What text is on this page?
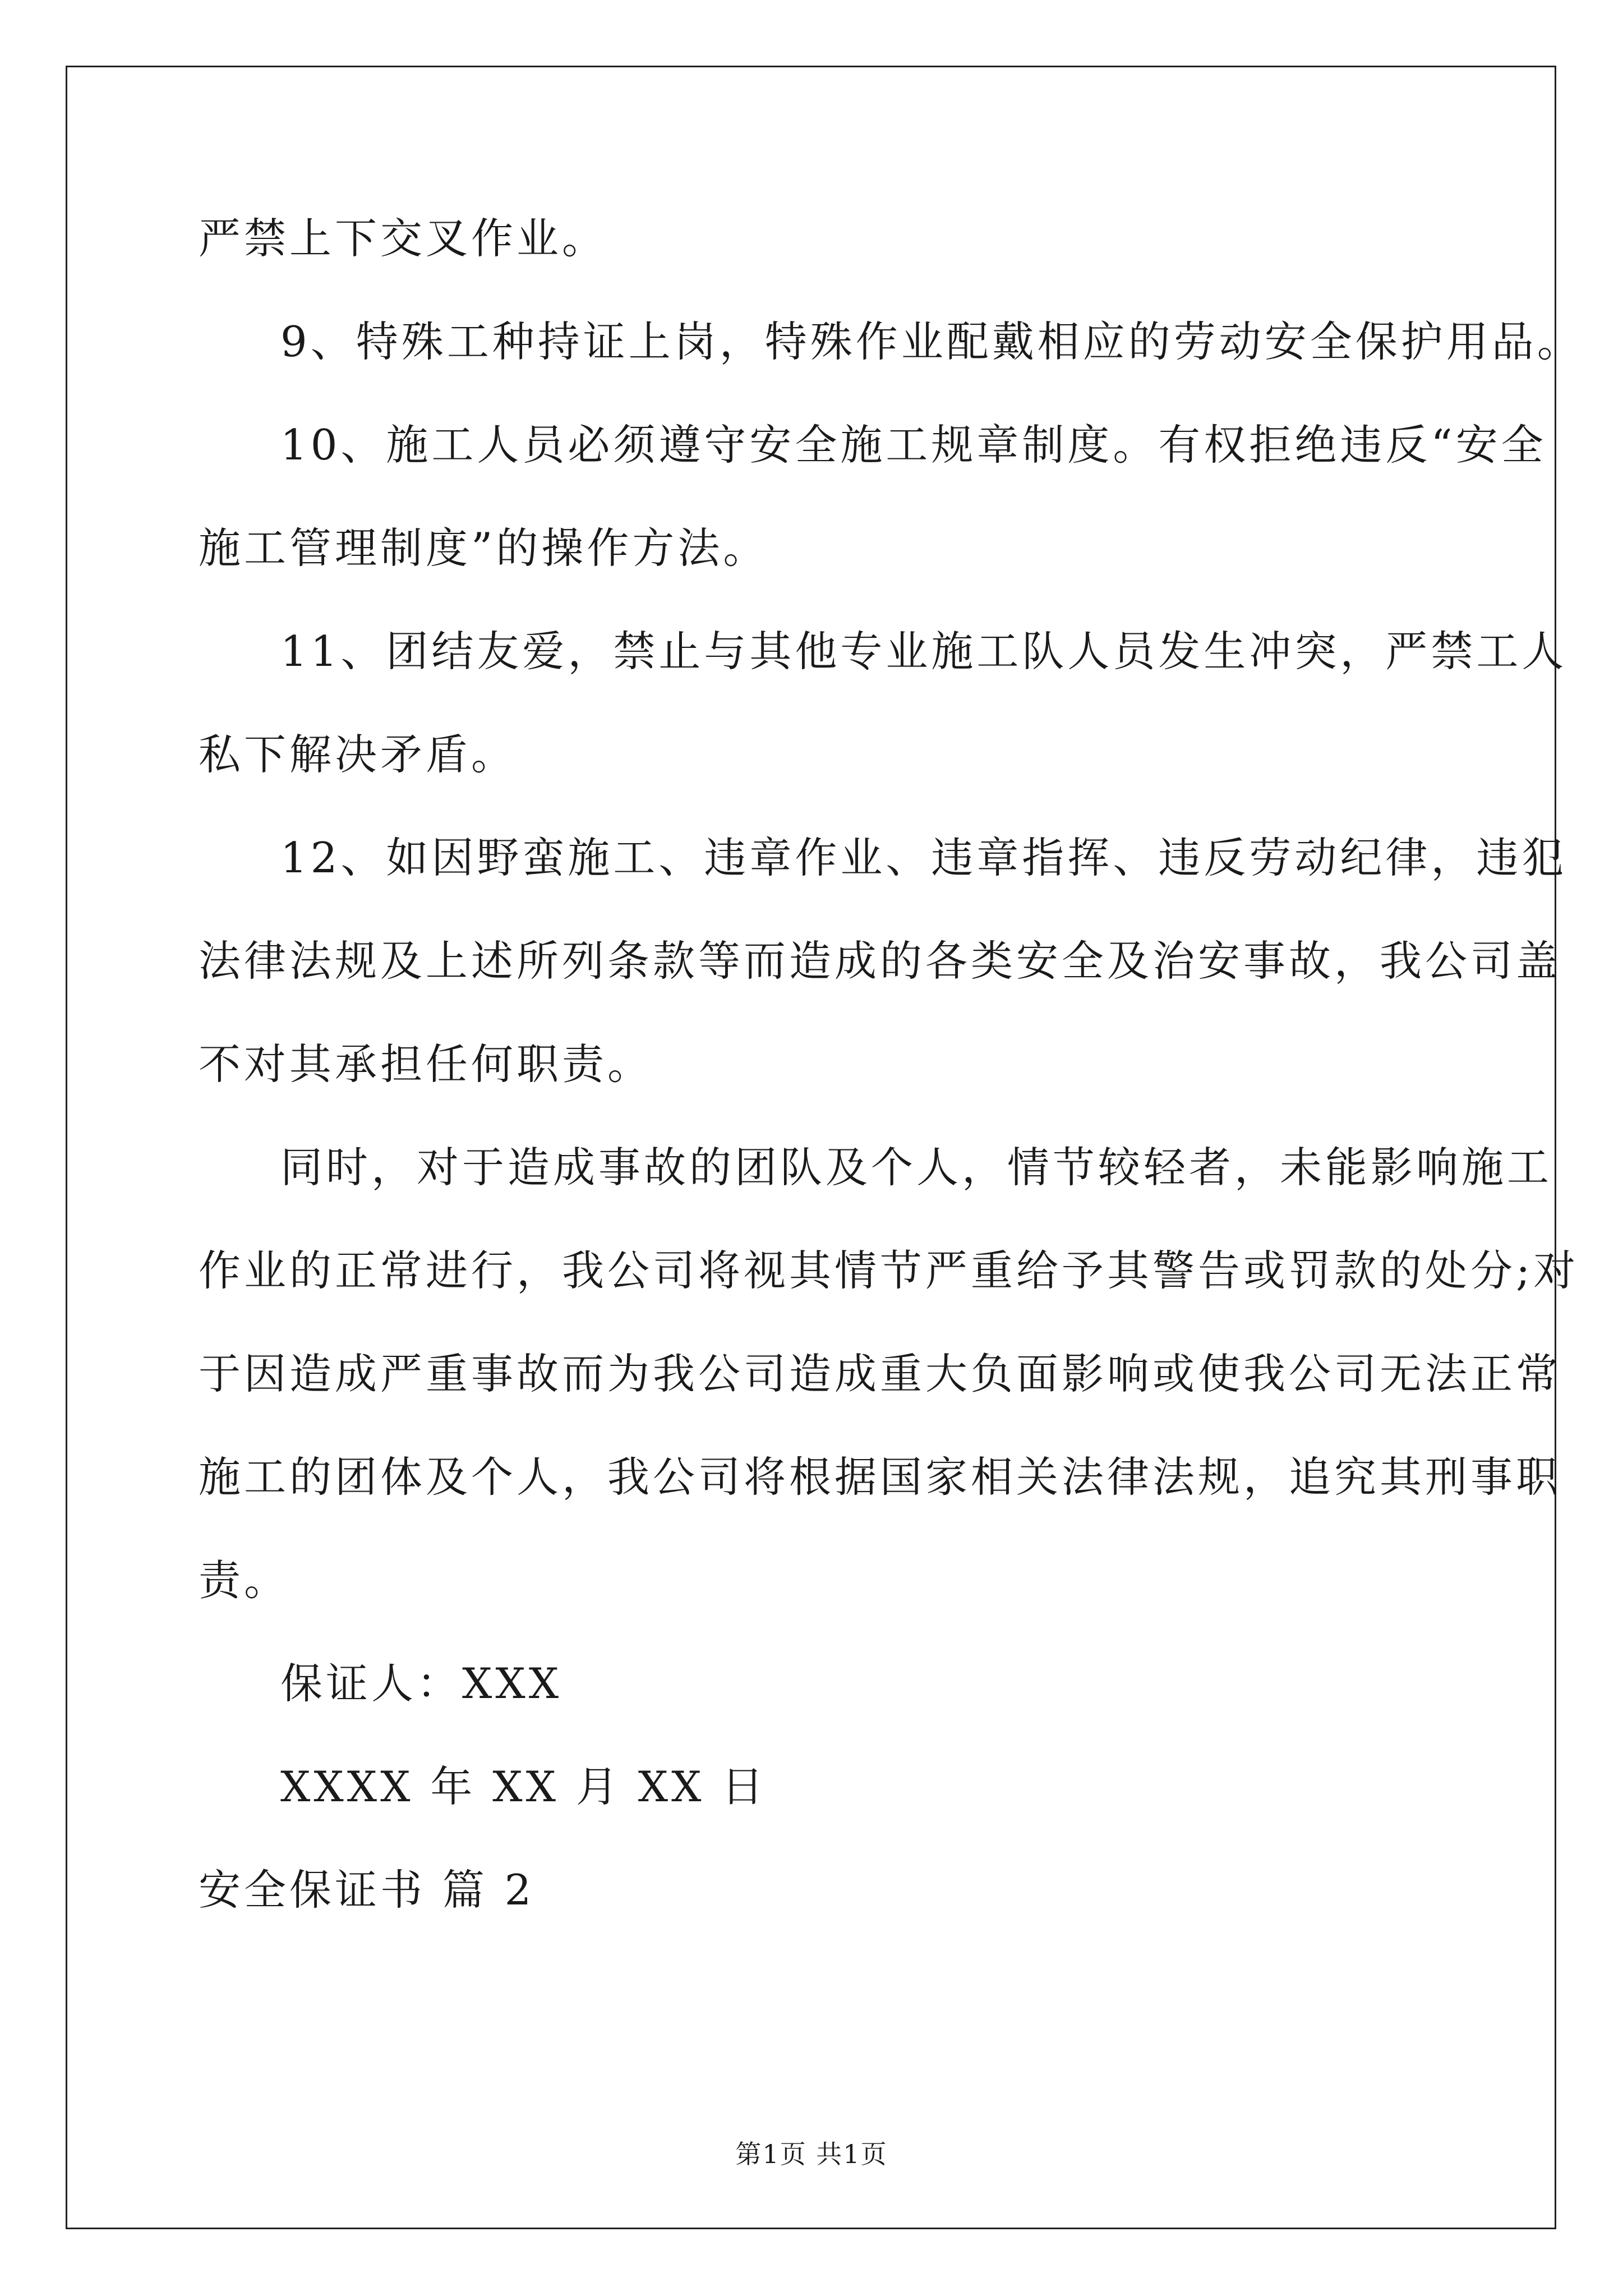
严禁上下交叉作业。
9、特殊工种持证上岗，特殊作业配戴相应的劳动安全保护用品。
10、施工人员必须遵守安全施工规章制度。有权拒绝违反“安全
施工管理制度”的操作方法。
11、团结友爱，禁止与其他专业施工队人员发生冲突，严禁工人
私下解决矛盾。
12、如因野蛮施工、违章作业、违章指挥、违反劳动纪律，违犯
法律法规及上述所列条款等而造成的各类安全及治安事故，我公司盖
不对其承担任何职责。
同时，对于造成事故的团队及个人，情节较轻者，未能影响施工
作业的正常进行，我公司将视其情节严重给予其警告或罚款的处分;对
于因造成严重事故而为我公司造成重大负面影响或使我公司无法正常
施工的团体及个人，我公司将根据国家相关法律法规，追究其刑事职
责。
保证人：XXX
XXXX 年 XX 月 XX 日
安全保证书 篇 2
第1页 共1页
